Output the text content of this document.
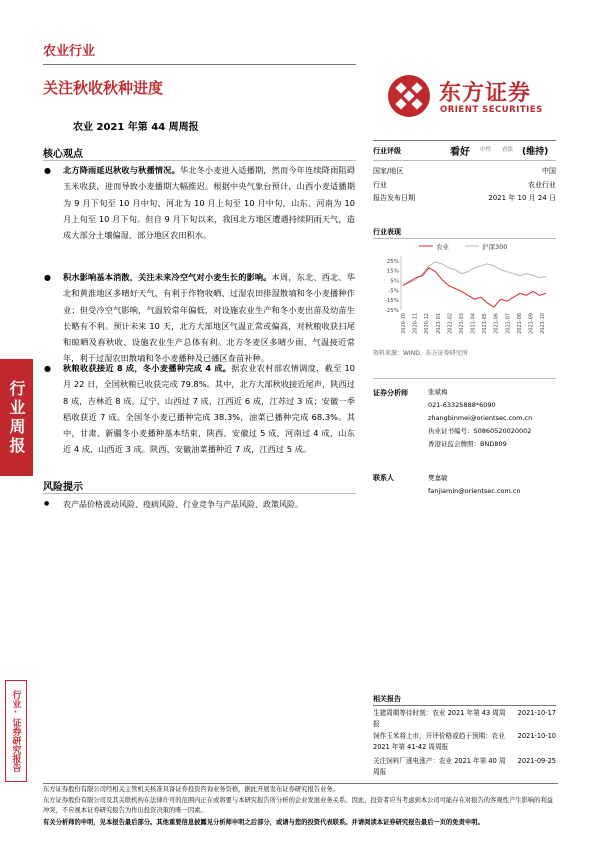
农业行业
关注秋收秋种进度
农业 2021 年第 44 周周报
东方证券
ORIENT SECURITIES
行业周报
行业·证券研究报告
核心观点
● 北方降雨延迟秋收与秋播情况。华北冬小麦进入适播期，然而今年连续降雨阻碍玉米收获，进而导致小麦播期大幅推迟。根据中央气象台预计，山西小麦适播期为 9 月下旬至 10 月中旬、河北为 10 月上旬至 10 月中旬，山东、河南为 10 月上旬至 10 月下旬。但自 9 月下旬以来，我国北方地区遭遇持续阴雨天气，造成大部分土壤偏湿、部分地区农田积水。
● 积水影响基本消散，关注未来冷空气对小麦生长的影响。本周，东北、西北、华北和黄淮地区多晴好天气，有利于作物收晒、过湿农田排湿散墒和冬小麦播种作业；但受冷空气影响，气温较常年偏低，对设施农业生产和冬小麦出苗及幼苗生长略有不利。预计未来 10 天，北方大部地区气温正常或偏高，对秋粮收获扫尾和晾晒及春秋收、设施农业生产总体有利。北方冬麦区多晴少雨、气温接近常年，利于过湿农田散墒和冬小麦播种及已播区查苗补种。
● 秋粮收获接近 8 成，冬小麦播种完成 4 成。据农业农村部农情调度，截至 10 月 22 日，全国秋粮已收获完成 79.8%。其中，北方大部秋收接近尾声，陕西过 8 成，吉林近 8 成，辽宁、山西过 7 成，江西近 6 成，江苏过 3 成；安徽一季稻收获近 7 成。全国冬小麦已播种完成 38.3%，油菜已播种完成 68.3%。其中，甘肃、新疆冬小麦播种基本结束，陕西、安徽过 5 成，河南过 4 成，山东近 4 成，山西近 3 成。陕西、安徽油菜播种近 7 成，江西过 5 成。
风险提示
● 农产品价格波动风险、疫病风险、行业竞争与产品风险、政策风险。
行业评级	看好 中性 看淡 (维持)
国家/地区	中国
行业	农业行业
报告发布日期	2021 年 10 月 24 日
行业表现
农业	沪深300
25%
15%
5%
-5%
-15%
-25%
2020-10 2020-11 2020-12 2021-01 2021-02 2021-03 2021-04 2021-05 2021-06 2021-07 2021-08 2021-09 2021-10
资料来源：WIND、东方证券研究所
证券分析师	张斌梅
021-63325888*6090
zhangbinmei@orientsec.com.cn
执业证书编号：S0860520020002
香港证监会牌照：BND809
联系人	樊嘉敏
fanjiamin@orientsec.com.cn
相关报告
生猪周期等待时刻：农业 2021 年第 43 周周报
2021-10-17
饲作玉米将上市，开评价格或趋于预期：农业 2021 年第 41-42 周周报
2021-10-10
关注饲料厂涨电涨产：农业 2021 年第 40 周周报
2021-09-25
东方证券股份有限公司经相关主管机关核准具备证券投资咨询业务资格，据此开展发布证券研究报告业务。
东方证券股份有限公司及其关联机构在法律许可的范围内正在或将要与本研究报告所分析的企业发展业务关系。因此，投资者应当考虑到本公司可能存在对报告的客观性产生影响的利益冲突，不应视本证券研究报告为作出投资决策的唯一因素。
有关分析师的申明，见本报告最后部分。其他重要信息披露见分析师申明之后部分，或请与您的投资代表联系。并请阅读本证券研究报告最后一页的免责申明。
